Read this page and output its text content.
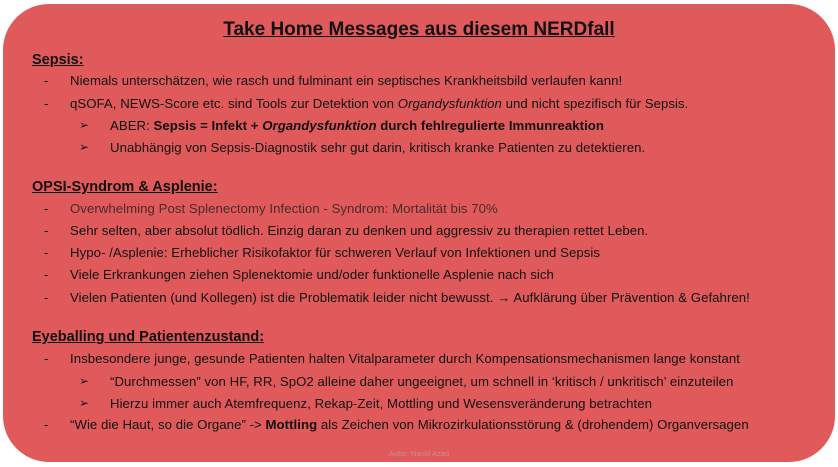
Take Home Messages aus diesem NERDfall
Sepsis:
- Niemals unterschätzen, wie rasch und fulminant ein septisches Krankheitsbild verlaufen kann!
- qSOFA, NEWS-Score etc. sind Tools zur Detektion von Organdysfunktion und nicht spezifisch für Sepsis.
➢ ABER: Sepsis = Infekt + Organdysfunktion durch fehlregulierte Immunreaktion
➢ Unabhängig von Sepsis-Diagnostik sehr gut darin, kritisch kranke Patienten zu detektieren.
OPSI-Syndrom & Asplenie:
- Overwhelming Post Splenectomy Infection - Syndrom: Mortalität bis 70%
- Sehr selten, aber absolut tödlich. Einzig daran zu denken und aggressiv zu therapien rettet Leben.
- Hypo- /Asplenie: Erheblicher Risikofaktor für schweren Verlauf von Infektionen und Sepsis
- Viele Erkrankungen ziehen Splenektomie und/oder funktionelle Asplenie nach sich
- Vielen Patienten (und Kollegen) ist die Problematik leider nicht bewusst. → Aufklärung über Prävention & Gefahren!
Eyeballing und Patientenzustand:
- Insbesondere junge, gesunde Patienten halten Vitalparameter durch Kompensationsmechanismen lange konstant
➢ “Durchmessen” von HF, RR, SpO2 alleine daher ungeeignet, um schnell in ‘kritisch / unkritisch’ einzuteilen
➢ Hierzu immer auch Atemfrequenz, Rekap-Zeit, Mottling und Wesensveränderung betrachten
- “Wie die Haut, so die Organe” -> Mottling als Zeichen von Mikrozirkulationsstörung & (drohendem) Organversagen
Autor: Navid Azad
